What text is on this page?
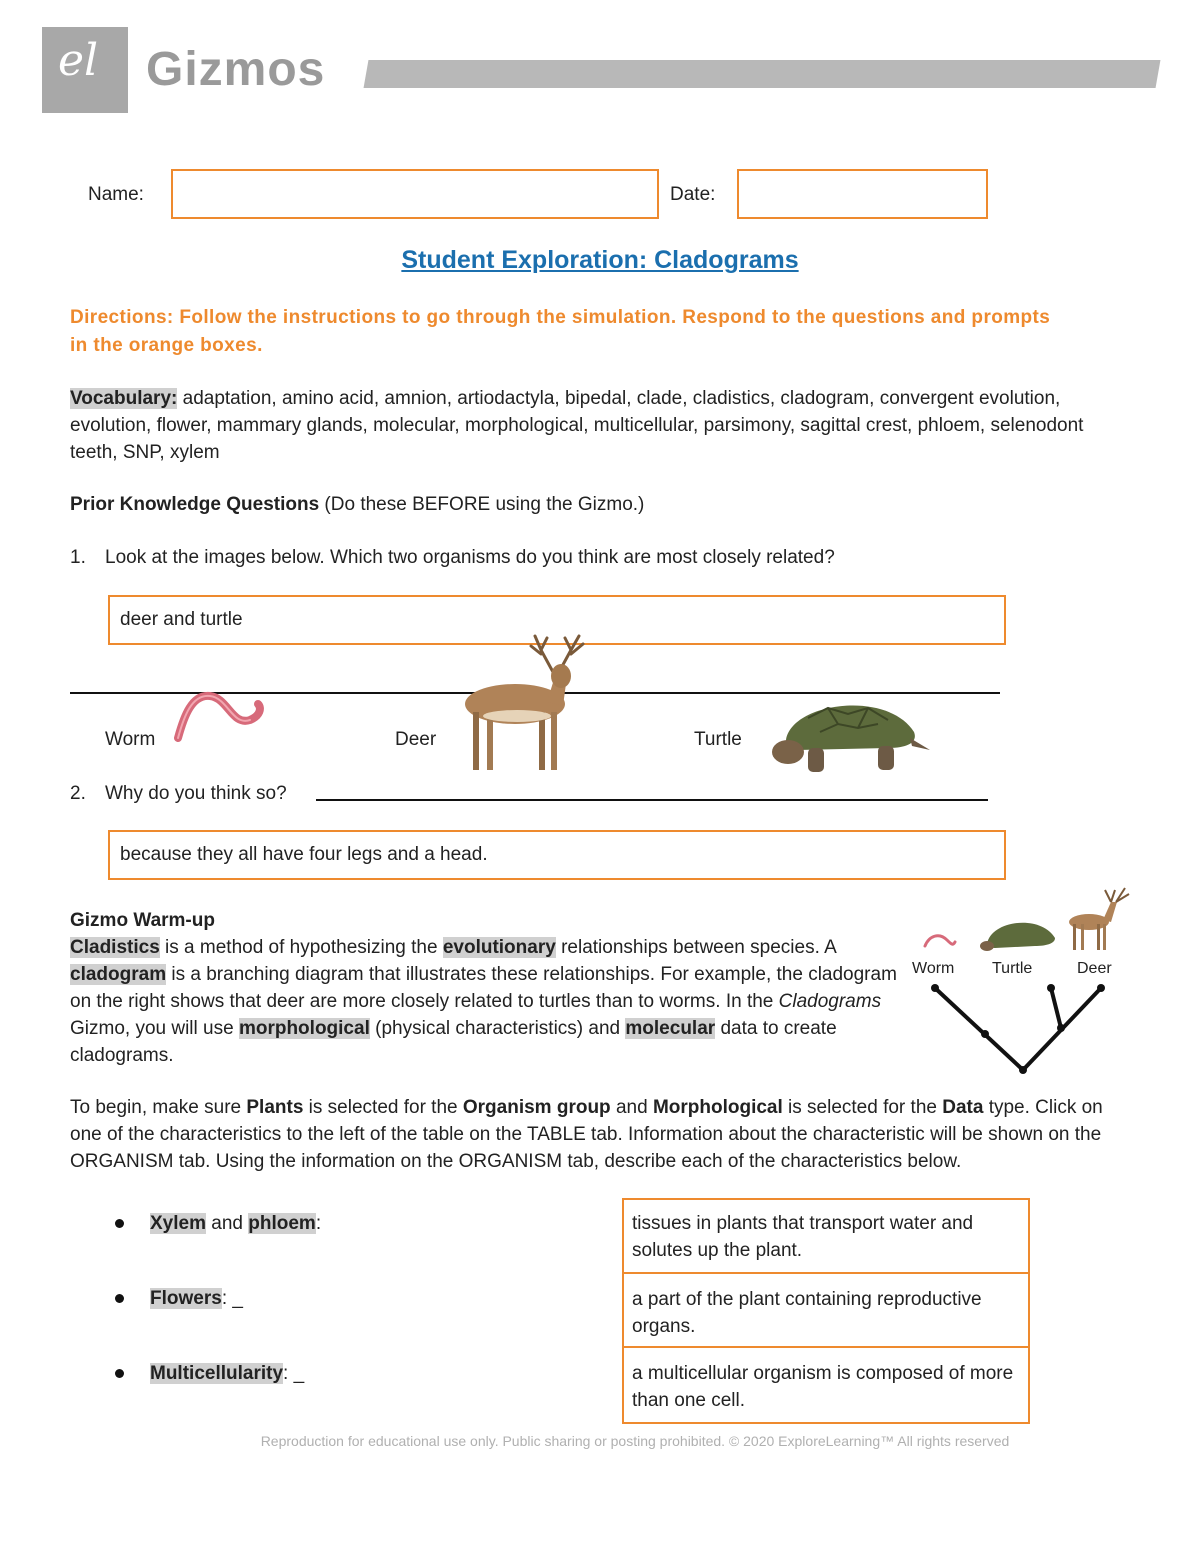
el Gizmos
Name:	Date:
Student Exploration: Cladograms
Directions: Follow the instructions to go through the simulation. Respond to the questions and prompts in the orange boxes.
Vocabulary: adaptation, amino acid, amnion, artiodactyla, bipedal, clade, cladistics, cladogram, convergent evolution, evolution, flower, mammary glands, molecular, morphological, multicellular, parsimony, sagittal crest, phloem, selenodont teeth, SNP, xylem
Prior Knowledge Questions (Do these BEFORE using the Gizmo.)
1. Look at the images below. Which two organisms do you think are most closely related?
deer and turtle
Worm	Deer	Turtle
2. Why do you think so?
because they all have four legs and a head.
Gizmo Warm-up
Cladistics is a method of hypothesizing the evolutionary relationships between species. A cladogram is a branching diagram that illustrates these relationships. For example, the cladogram on the right shows that deer are more closely related to turtles than to worms. In the Cladograms Gizmo, you will use morphological (physical characteristics) and molecular data to create cladograms.
Worm Turtle	Deer
To begin, make sure Plants is selected for the Organism group and Morphological is selected for the Data type. Click on one of the characteristics to the left of the table on the TABLE tab. Information about the characteristic will be shown on the ORGANISM tab. Using the information on the ORGANISM tab, describe each of the characteristics below.
Xylem and phloem:	tissues in plants that transport water and solutes up the plant.
Flowers: _	a part of the plant containing reproductive organs.
Multicellularity: _	a multicellular organism is composed of more than one cell.
Reproduction for educational use only. Public sharing or posting prohibited. © 2020 ExploreLearning™ All rights reserved
